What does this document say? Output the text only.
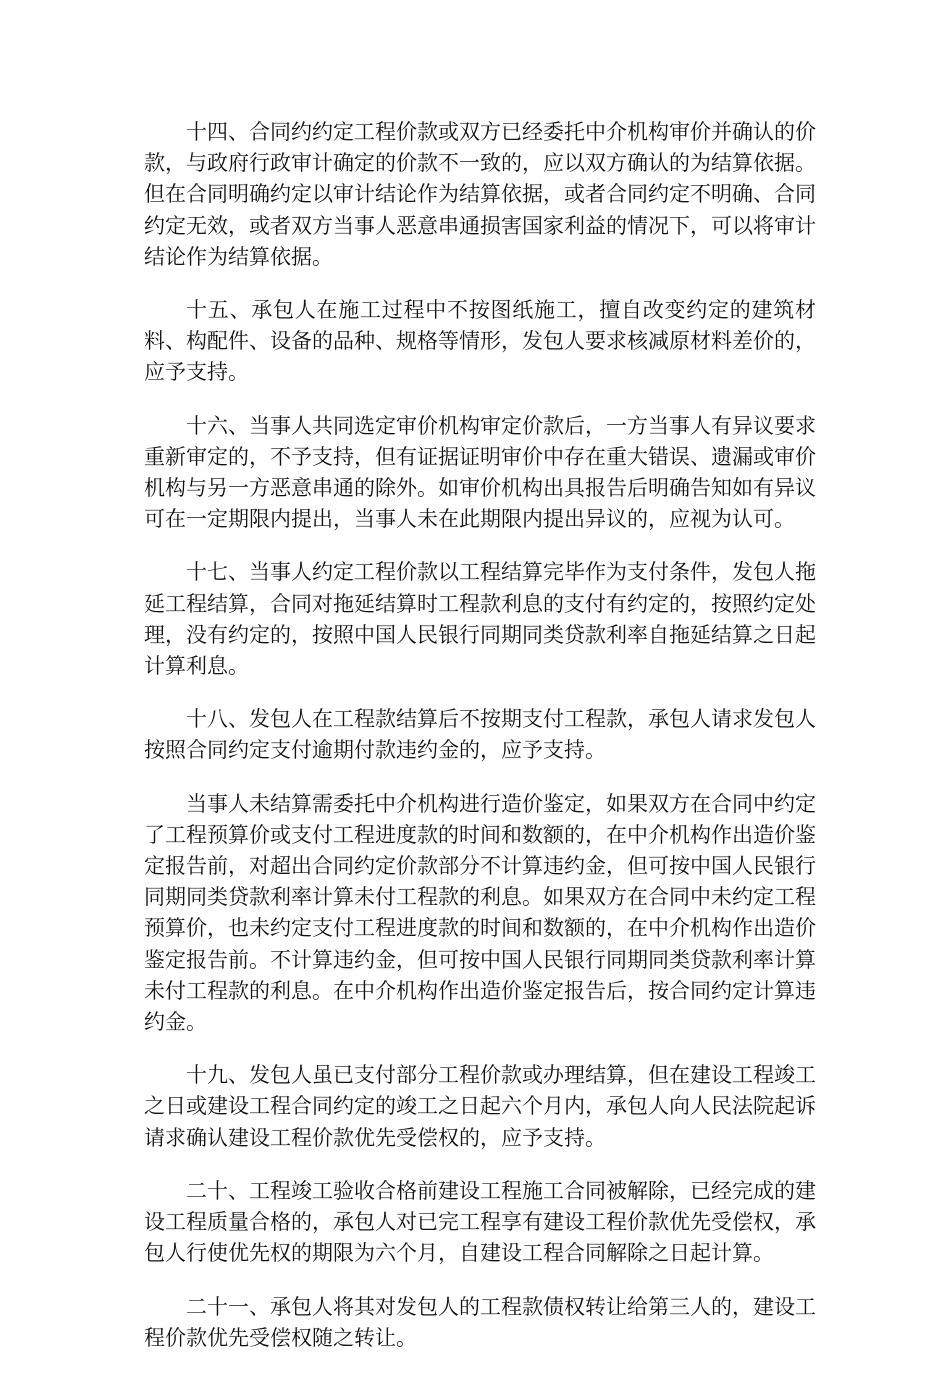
十四、合同约约定工程价款或双方已经委托中介机构审价并确认的价款，与政府行政审计确定的价款不一致的，应以双方确认的为结算依据。但在合同明确约定以审计结论作为结算依据，或者合同约定不明确、合同约定无效，或者双方当事人恶意串通损害国家利益的情况下，可以将审计结论作为结算依据。

十五、承包人在施工过程中不按图纸施工，擅自改变约定的建筑材料、构配件、设备的品种、规格等情形，发包人要求核减原材料差价的，应予支持。

十六、当事人共同选定审价机构审定价款后，一方当事人有异议要求重新审定的，不予支持，但有证据证明审价中存在重大错误、遗漏或审价机构与另一方恶意串通的除外。如审价机构出具报告后明确告知如有异议可在一定期限内提出，当事人未在此期限内提出异议的，应视为认可。

十七、当事人约定工程价款以工程结算完毕作为支付条件，发包人拖延工程结算，合同对拖延结算时工程款利息的支付有约定的，按照约定处理，没有约定的，按照中国人民银行同期同类贷款利率自拖延结算之日起计算利息。

十八、发包人在工程款结算后不按期支付工程款，承包人请求发包人按照合同约定支付逾期付款违约金的，应予支持。

当事人未结算需委托中介机构进行造价鉴定，如果双方在合同中约定了工程预算价或支付工程进度款的时间和数额的，在中介机构作出造价鉴定报告前，对超出合同约定价款部分不计算违约金，但可按中国人民银行同期同类贷款利率计算未付工程款的利息。如果双方在合同中未约定工程预算价，也未约定支付工程进度款的时间和数额的，在中介机构作出造价鉴定报告前。不计算违约金，但可按中国人民银行同期同类贷款利率计算未付工程款的利息。在中介机构作出造价鉴定报告后，按合同约定计算违约金。

十九、发包人虽已支付部分工程价款或办理结算，但在建设工程竣工之日或建设工程合同约定的竣工之日起六个月内，承包人向人民法院起诉请求确认建设工程价款优先受偿权的，应予支持。

二十、工程竣工验收合格前建设工程施工合同被解除，已经完成的建设工程质量合格的，承包人对已完工程享有建设工程价款优先受偿权，承包人行使优先权的期限为六个月，自建设工程合同解除之日起计算。

二十一、承包人将其对发包人的工程款债权转让给第三人的，建设工程价款优先受偿权随之转让。
